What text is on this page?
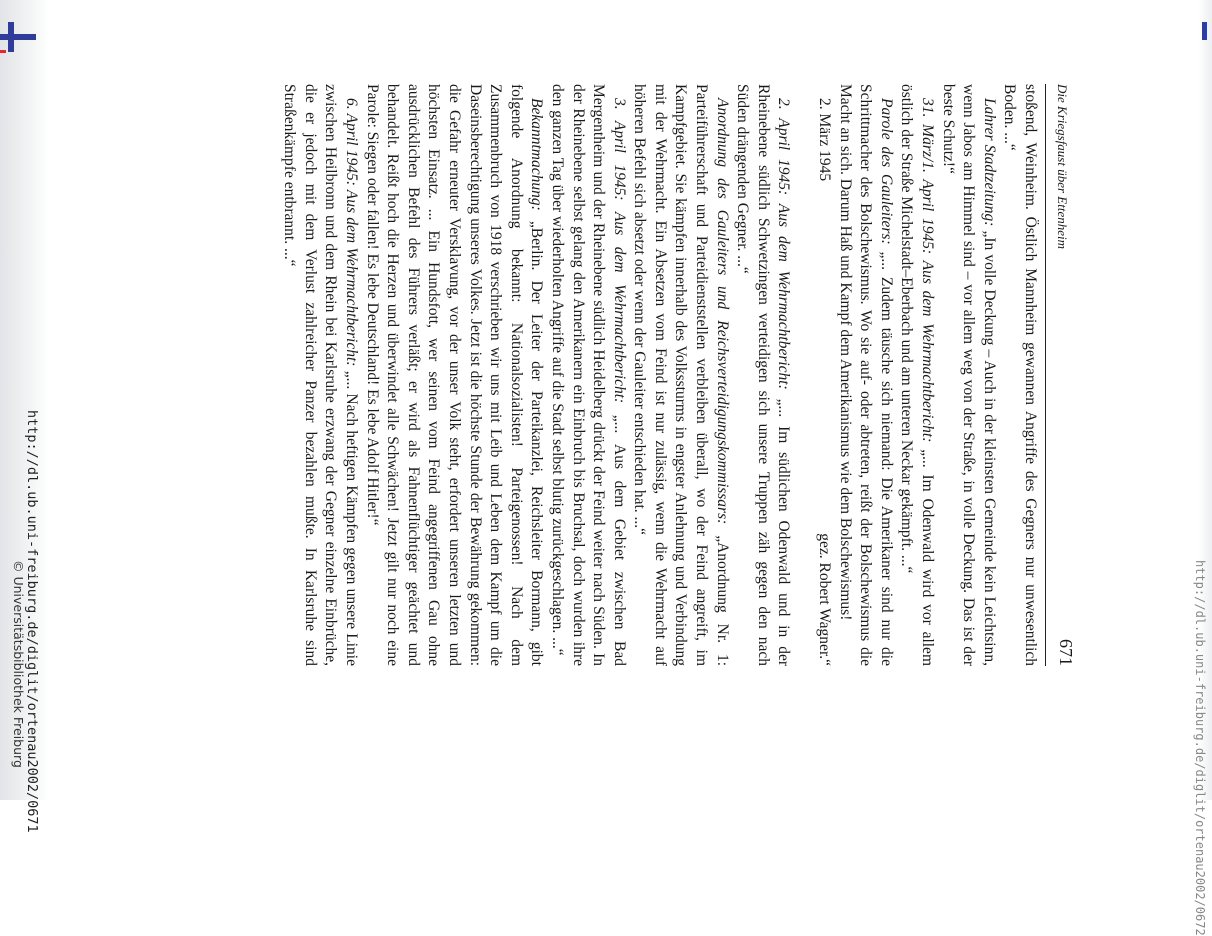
Die Kriegsfaust über Ettenheim
671

stoßend, Weinheim. Östlich Mannheim gewannen Angriffe des Gegners nur unwesentlich Boden. ...“

Lahrer Stadtzeitung: „In volle Deckung – Auch in der kleinsten Gemeinde kein Leichtsinn, wenn Jabos am Himmel sind – vor allem weg von der Straße, in volle Deckung. Das ist der beste Schutz!“

31. März/1. April 1945: Aus dem Wehrmachtbericht: „... Im Odenwald wird vor allem östlich der Straße Michelstadt–Eberbach und am unteren Neckar gekämpft. ...“

Parole des Gauleiters: „... Zudem täusche sich niemand: Die Amerikaner sind nur die Schrittmacher des Bolschewismus. Wo sie auf- oder abtreten, reißt der Bolschewismus die Macht an sich. Darum Haß und Kampf dem Amerikanismus wie dem Bolschewismus!

2. März 1945
gez. Robert Wagner.“

2. April 1945: Aus dem Wehrmachtbericht: „... Im südlichen Odenwald und in der Rheinebene südlich Schwetzingen verteidigen sich unsere Truppen zäh gegen den nach Süden drängenden Gegner. ...“

Anordnung des Gauleiters und Reichsverteidigungskommissars: „Anordnung Nr. 1: Parteiführerschaft und Parteidienststellen verbleiben überall, wo der Feind angreift, im Kampfgebiet. Sie kämpfen innerhalb des Volkssturms in engster Anlehnung und Verbindung mit der Wehrmacht. Ein Absetzen vom Feind ist nur zulässig, wenn die Wehrmacht auf höheren Befehl sich absetzt oder wenn der Gauleiter entschieden hat. ...“

3. April 1945: Aus dem Wehrmachtbericht: „... Aus dem Gebiet zwischen Bad Mergentheim und der Rheinebene südlich Heidelberg drückt der Feind weiter nach Süden. In der Rheinebene selbst gelang den Amerikanern ein Einbruch bis Bruchsal, doch wurden ihre den ganzen Tag über wiederholten Angriffe auf die Stadt selbst blutig zurückgeschlagen. ...“

Bekanntmachung: „Berlin. Der Leiter der Parteikanzlei, Reichsleiter Bormann, gibt folgende Anordnung bekannt: Nationalsozialisten! Parteigenossen! Nach dem Zusammenbruch von 1918 verschrieben wir uns mit Leib und Leben dem Kampf um die Daseinsberechtigung unseres Volkes. Jetzt ist die höchste Stunde der Bewährung gekommen: die Gefahr erneuter Versklavung, vor der unser Volk steht, erfordert unseren letzten und höchsten Einsatz. ... Ein Hundsfott, wer seinen vom Feind angegriffenen Gau ohne ausdrücklichen Befehl des Führers verläßt; er wird als Fahnenflüchtiger geächtet und behandelt. Reißt hoch die Herzen und überwindet alle Schwächen! Jetzt gilt nur noch eine Parole: Siegen oder fallen! Es lebe Deutschland! Es lebe Adolf Hitler!“

6. April 1945: Aus dem Wehrmachtbericht: „... Nach heftigen Kämpfen gegen unsere Linie zwischen Heilbronn und dem Rhein bei Karlsruhe erzwang der Gegner einzelne Einbrüche, die er jedoch mit dem Verlust zahlreicher Panzer bezahlen mußte. In Karlsruhe sind Straßenkämpfe entbrannt. ...“

http://dl.ub.uni-freiburg.de/diglit/ortenau2002/0671
© Universitätsbibliothek Freiburg	http://dl.ub.uni-freiburg.de/diglit/ortenau2002/0672
